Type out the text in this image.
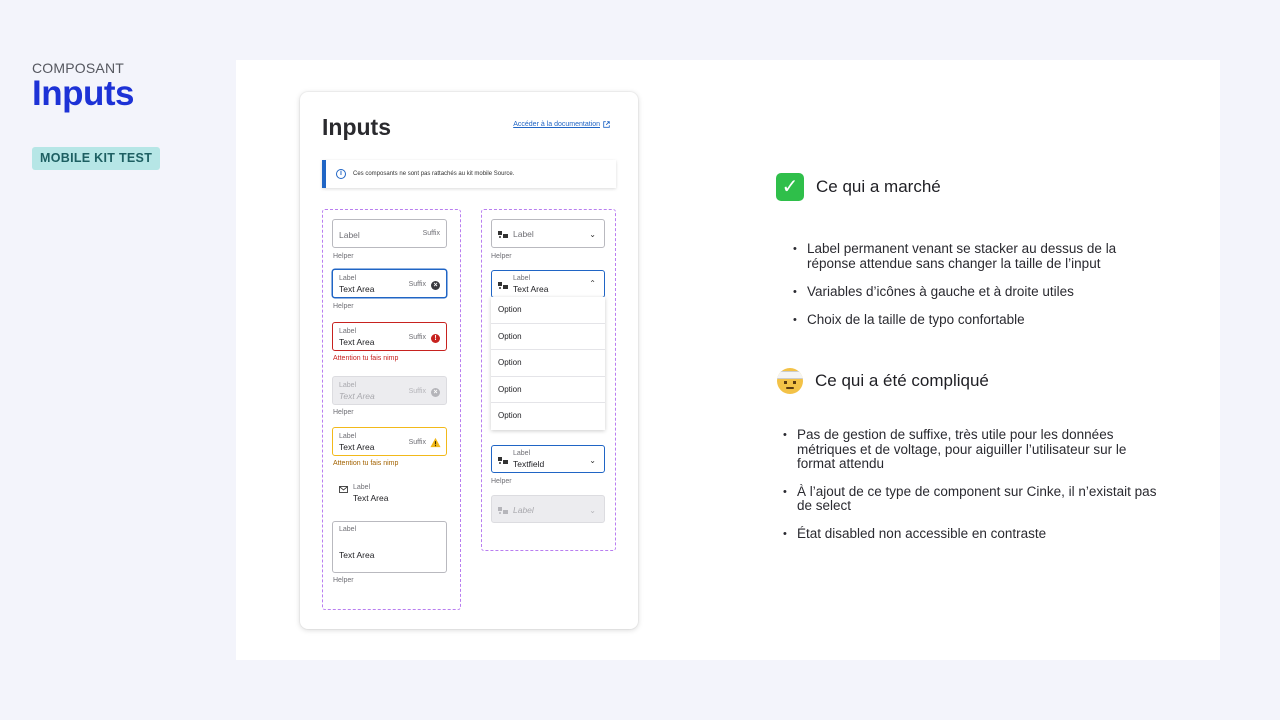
COMPOSANT
Inputs
MOBILE KIT TEST
Inputs	Accéder à la documentation
i	Ces composants ne sont pas rattachés au kit mobile Source.
Label	Suffix
Helper
Label
Text Area	Suffix	×
Helper
Label
Text Area	Suffix	!
Attention tu fais nimp
Label
Text Area	Suffix	×
Helper
Label
Text Area	Suffix
Attention tu fais nimp
Label
Text Area
Label
Text Area
Helper
Label	⌄
Helper
Label
Text Area
⌃
Option
Option
Option
Option
Option
Label
Textfield	⌄
Helper
Label	⌄
✓	Ce qui a marché
• Label permanent venant se stacker au dessus de la réponse attendue sans changer la taille de l’input
• Variables d’icônes à gauche et à droite utiles
• Choix de la taille de typo confortable
Ce qui a été compliqué
• Pas de gestion de suffixe, très utile pour les données métriques et de voltage, pour aiguiller l’utilisateur sur le format attendu
• À l’ajout de ce type de component sur Cinke, il n’existait pas de select
• État disabled non accessible en contraste
